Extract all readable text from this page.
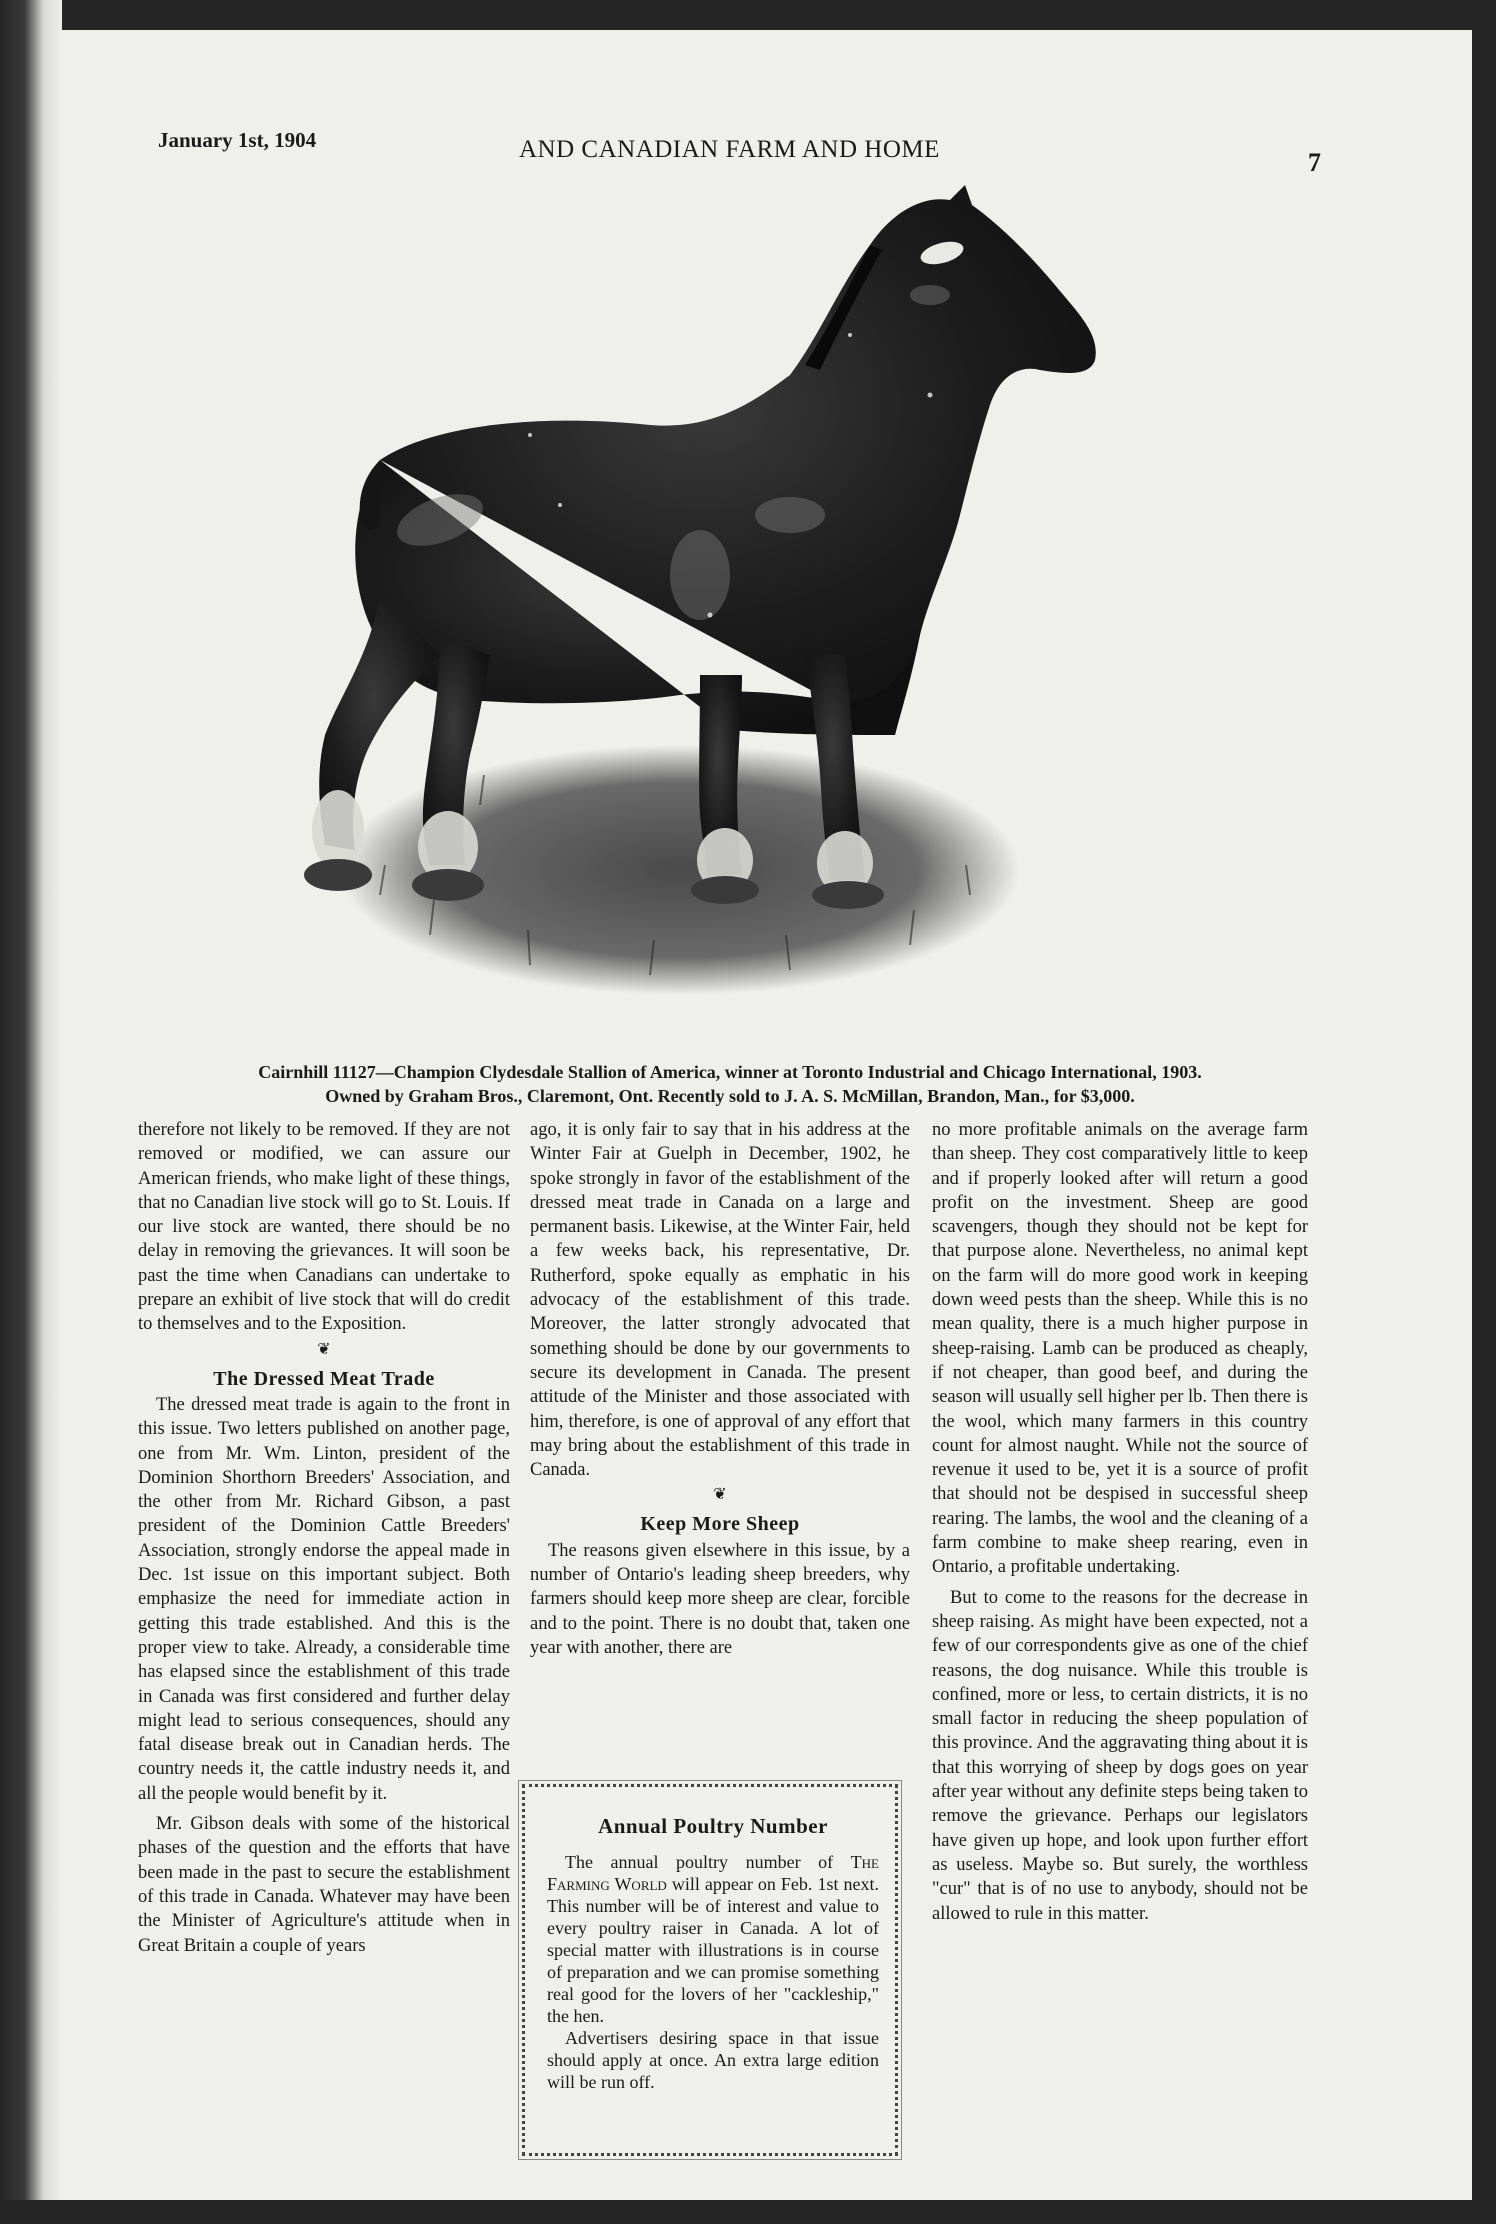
January 1st, 1904	AND CANADIAN FARM AND HOME	7
Cairnhill 11127—Champion Clydesdale Stallion of America, winner at Toronto Industrial and Chicago International, 1903.
Owned by Graham Bros., Claremont, Ont. Recently sold to J. A. S. McMillan, Brandon, Man., for $3,000.

therefore not likely to be removed. If they are not removed or modified, we can assure our American friends, who make light of these things, that no Canadian live stock will go to St. Louis. If our live stock are wanted, there should be no delay in removing the grievances. It will soon be past the time when Canadians can undertake to prepare an exhibit of live stock that will do credit to themselves and to the Exposition.

❦
The Dressed Meat Trade

The dressed meat trade is again to the front in this issue. Two letters published on another page, one from Mr. Wm. Linton, president of the Dominion Shorthorn Breeders' Association, and the other from Mr. Richard Gibson, a past president of the Dominion Cattle Breeders' Association, strongly endorse the appeal made in Dec. 1st issue on this important subject. Both emphasize the need for immediate action in getting this trade established. And this is the proper view to take. Already, a considerable time has elapsed since the establishment of this trade in Canada was first considered and further delay might lead to serious consequences, should any fatal disease break out in Canadian herds. The country needs it, the cattle industry needs it, and all the people would benefit by it.

Mr. Gibson deals with some of the historical phases of the question and the efforts that have been made in the past to secure the establishment of this trade in Canada. Whatever may have been the Minister of Agriculture's attitude when in Great Britain a couple of years

ago, it is only fair to say that in his address at the Winter Fair at Guelph in December, 1902, he spoke strongly in favor of the establishment of the dressed meat trade in Canada on a large and permanent basis. Likewise, at the Winter Fair, held a few weeks back, his representative, Dr. Rutherford, spoke equally as emphatic in his advocacy of the establishment of this trade. Moreover, the latter strongly advocated that something should be done by our governments to secure its development in Canada. The present attitude of the Minister and those associated with him, therefore, is one of approval of any effort that may bring about the establishment of this trade in Canada.

❦
Keep More Sheep

The reasons given elsewhere in this issue, by a number of Ontario's leading sheep breeders, why farmers should keep more sheep are clear, forcible and to the point. There is no doubt that, taken one year with another, there are

Annual Poultry Number

The annual poultry number of The Farming World will appear on Feb. 1st next. This number will be of interest and value to every poultry raiser in Canada. A lot of special matter with illustrations is in course of preparation and we can promise something real good for the lovers of her "cackleship," the hen.

Advertisers desiring space in that issue should apply at once. An extra large edition will be run off.

no more profitable animals on the average farm than sheep. They cost comparatively little to keep and if properly looked after will return a good profit on the investment. Sheep are good scavengers, though they should not be kept for that purpose alone. Nevertheless, no animal kept on the farm will do more good work in keeping down weed pests than the sheep. While this is no mean quality, there is a much higher purpose in sheep-raising. Lamb can be produced as cheaply, if not cheaper, than good beef, and during the season will usually sell higher per lb. Then there is the wool, which many farmers in this country count for almost naught. While not the source of revenue it used to be, yet it is a source of profit that should not be despised in successful sheep rearing. The lambs, the wool and the cleaning of a farm combine to make sheep rearing, even in Ontario, a profitable undertaking.

But to come to the reasons for the decrease in sheep raising. As might have been expected, not a few of our correspondents give as one of the chief reasons, the dog nuisance. While this trouble is confined, more or less, to certain districts, it is no small factor in reducing the sheep population of this province. And the aggravating thing about it is that this worrying of sheep by dogs goes on year after year without any definite steps being taken to remove the grievance. Perhaps our legislators have given up hope, and look upon further effort as useless. Maybe so. But surely, the worthless "cur" that is of no use to anybody, should not be allowed to rule in this matter.
